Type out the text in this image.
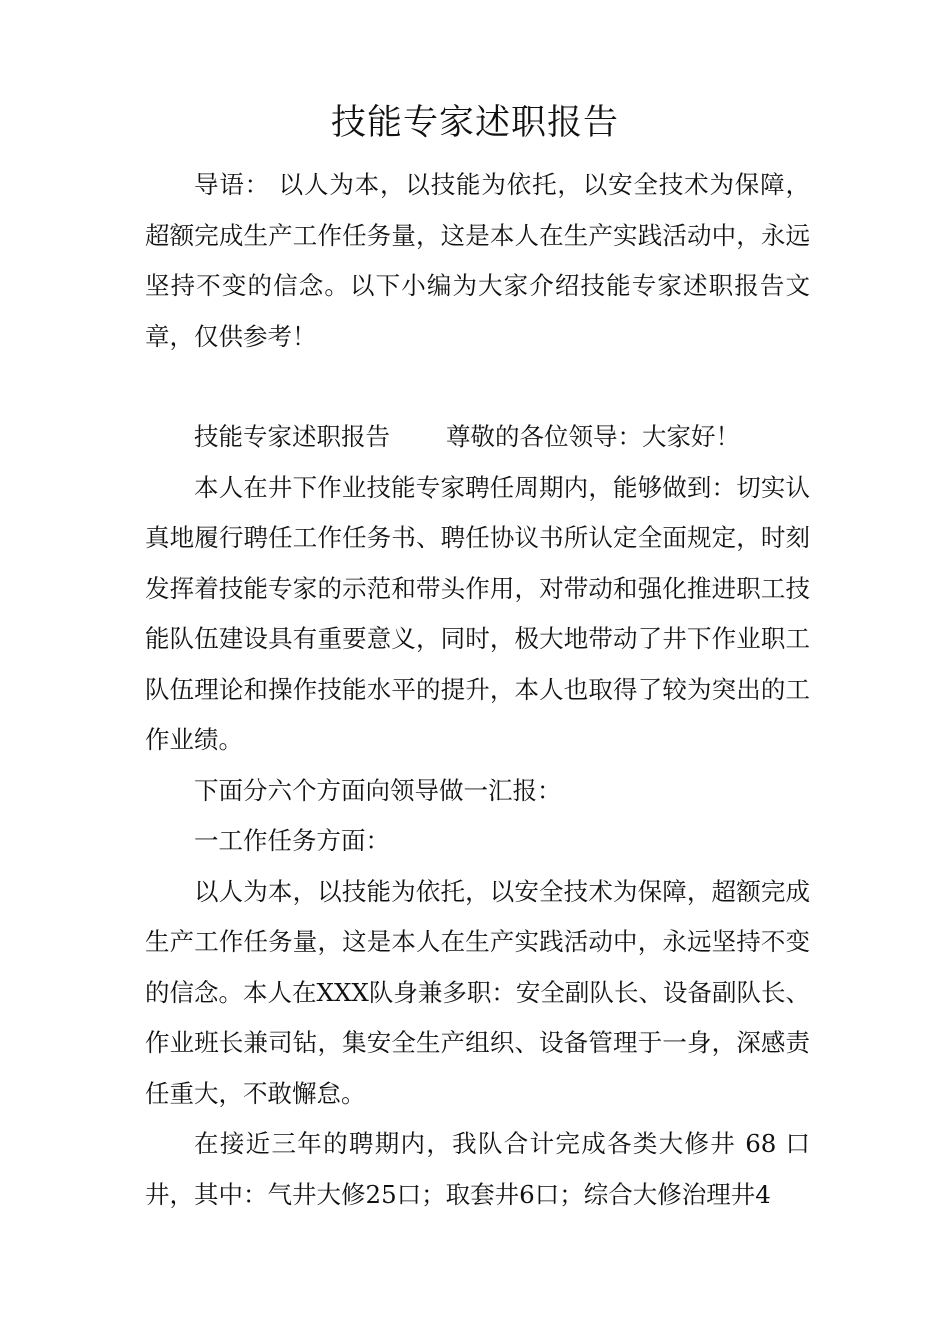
技能专家述职报告

导语： 以人为本，以技能为依托，以安全技术为保障，超额完成生产工作任务量，这是本人在生产实践活动中，永远坚持不变的信念。以下小编为大家介绍技能专家述职报告文章，仅供参考！

技能专家述职报告 尊敬的各位领导：大家好！

本人在井下作业技能专家聘任周期内，能够做到：切实认真地履行聘任工作任务书、聘任协议书所认定全面规定，时刻发挥着技能专家的示范和带头作用，对带动和强化推进职工技能队伍建设具有重要意义，同时，极大地带动了井下作业职工队伍理论和操作技能水平的提升，本人也取得了较为突出的工作业绩。

下面分六个方面向领导做一汇报：

一工作任务方面：

以人为本，以技能为依托，以安全技术为保障，超额完成生产工作任务量，这是本人在生产实践活动中，永远坚持不变的信念。本人在XXX队身兼多职：安全副队长、设备副队长、作业班长兼司钻，集安全生产组织、设备管理于一身，深感责任重大，不敢懈怠。

在接近三年的聘期内，我队合计完成各类大修井 68 口井，其中：气井大修25口；取套井6口；综合大修治理井4
